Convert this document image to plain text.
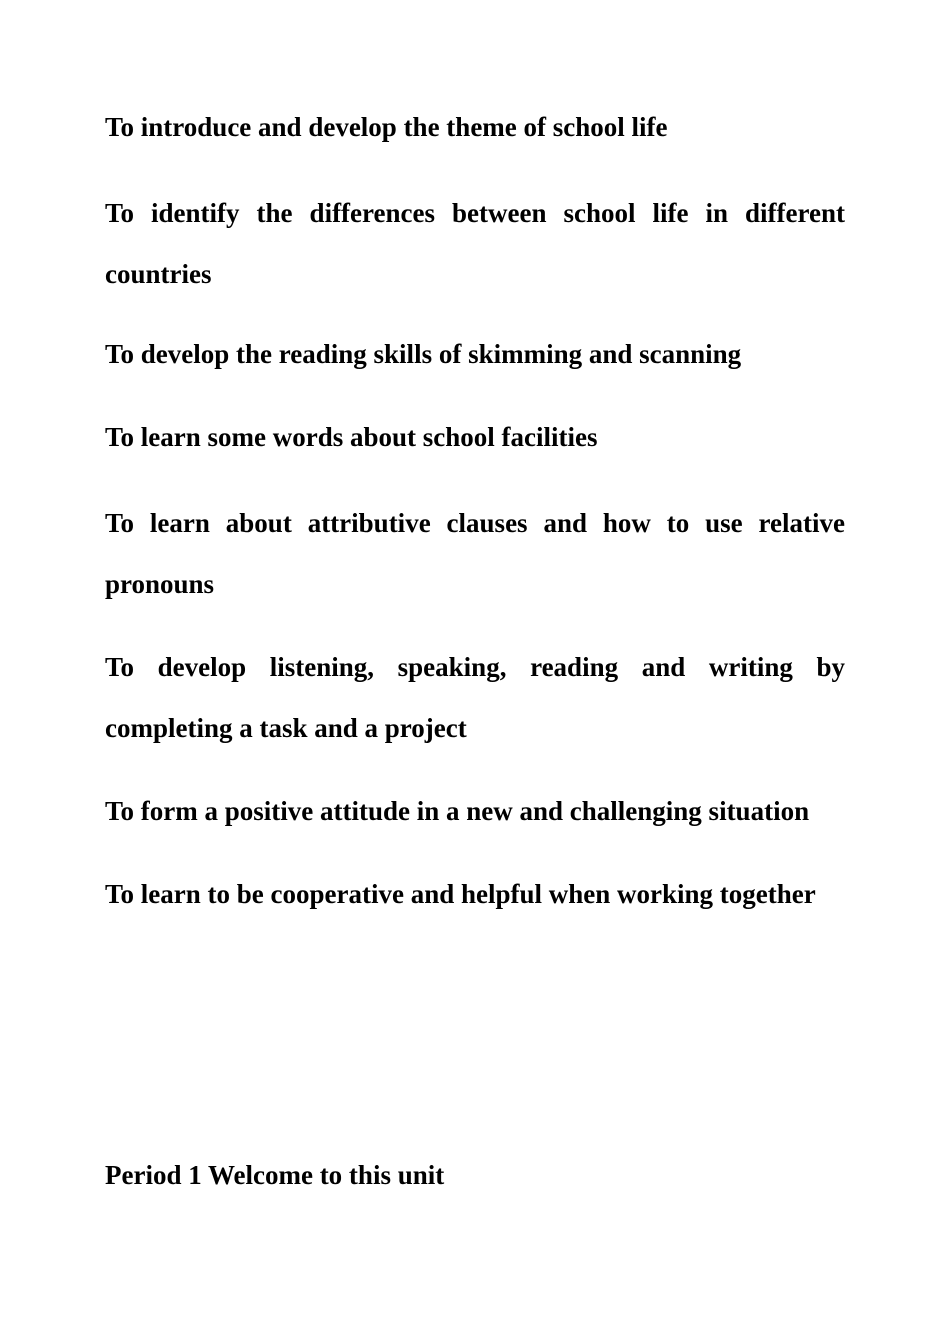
To introduce and develop the theme of school life

To identify the differences between school life in different countries

To develop the reading skills of skimming and scanning

To learn some words about school facilities

To learn about attributive clauses and how to use relative pronouns

To develop listening, speaking, reading and writing by completing a task and a project

To form a positive attitude in a new and challenging situation

To learn to be cooperative and helpful when working together

Period 1 Welcome to this unit
